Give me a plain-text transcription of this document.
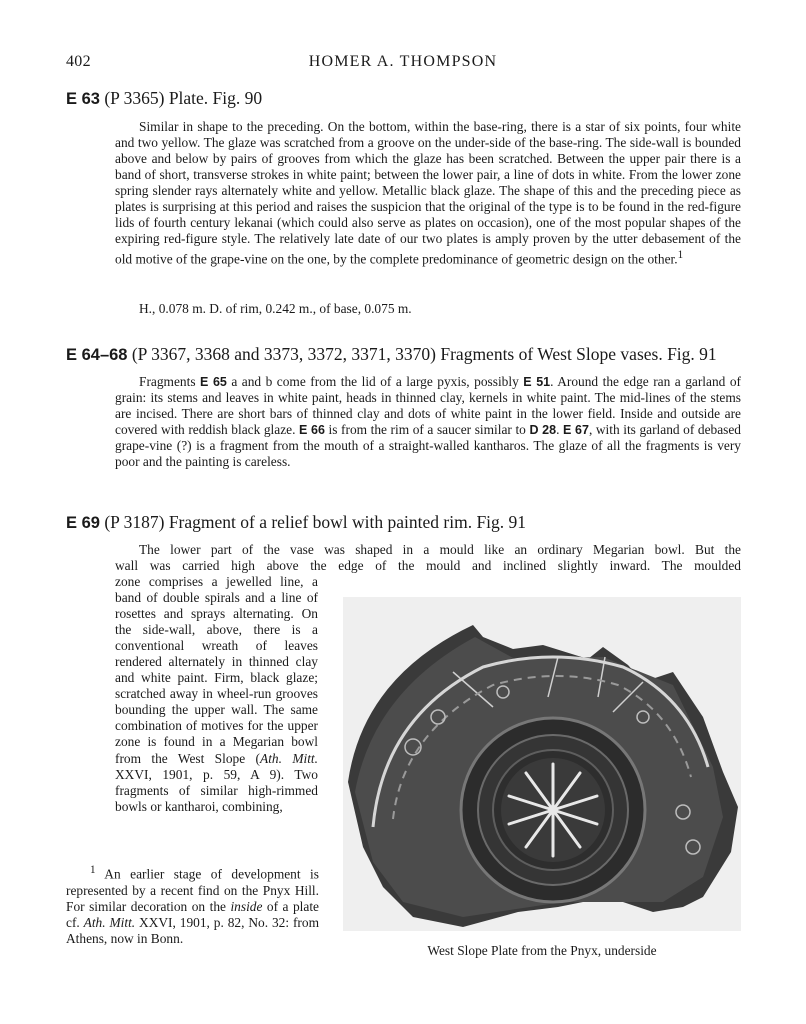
402	HOMER A. THOMPSON
E 63 (P 3365) Plate. Fig. 90

Similar in shape to the preceding. On the bottom, within the base-ring, there is a star of six points, four white and two yellow. The glaze was scratched from a groove on the under-side of the base-ring. The side-wall is bounded above and below by pairs of grooves from which the glaze has been scratched. Between the upper pair there is a band of short, transverse strokes in white paint; between the lower pair, a line of dots in white. From the lower zone spring slender rays alternately white and yellow. Metallic black glaze. The shape of this and the preceding piece as plates is surprising at this period and raises the suspicion that the original of the type is to be found in the red-figure lids of fourth century lekanai (which could also serve as plates on occasion), one of the most popular shapes of the expiring red-figure style. The relatively late date of our two plates is amply proven by the utter debasement of the old motive of the grape-vine on the one, by the complete predominance of geometric design on the other.$^1$

H., 0.078 m. D. of rim, 0.242 m., of base, 0.075 m.
E 64–68 (P 3367, 3368 and 3373, 3372, 3371, 3370) Fragments of West Slope vases. Fig. 91

Fragments E 65 a and b come from the lid of a large pyxis, possibly E 51. Around the edge ran a garland of grain: its stems and leaves in white paint, heads in thinned clay, kernels in white paint. The mid-lines of the stems are incised. There are short bars of thinned clay and dots of white paint in the lower field. Inside and outside are covered with reddish black glaze. E 66 is from the rim of a saucer similar to D 28. E 67, with its garland of debased grape-vine (?) is a fragment from the mouth of a straight-walled kantharos. The glaze of all the fragments is very poor and the painting is careless.

E 69 (P 3187) Fragment of a relief bowl with painted rim. Fig. 91
The lower part of the vase was shaped in a mould like an ordinary Megarian bowl. But the
wall was carried high above the edge of the mould and inclined slightly inward. The moulded
zone comprises a jewelled line, a band of double spirals and a line of rosettes and sprays alternating. On the side-wall, above, there is a conventional wreath of leaves rendered alternately in thinned clay and white paint. Firm, black glaze; scratched away in wheel-run grooves bounding the upper wall. The same combination of motives for the upper zone is found in a Megarian bowl from the West Slope (Ath. Mitt. XXVI, 1901, p. 59, A 9). Two fragments of similar high-rimmed bowls or kantharoi, combining,

$^1$ An earlier stage of development is represented by a recent find on the Pnyx Hill. For similar decoration on the inside of a plate cf. Ath. Mitt. XXVI, 1901, p. 82, No. 32: from Athens, now in Bonn.

West Slope Plate from the Pnyx, underside
